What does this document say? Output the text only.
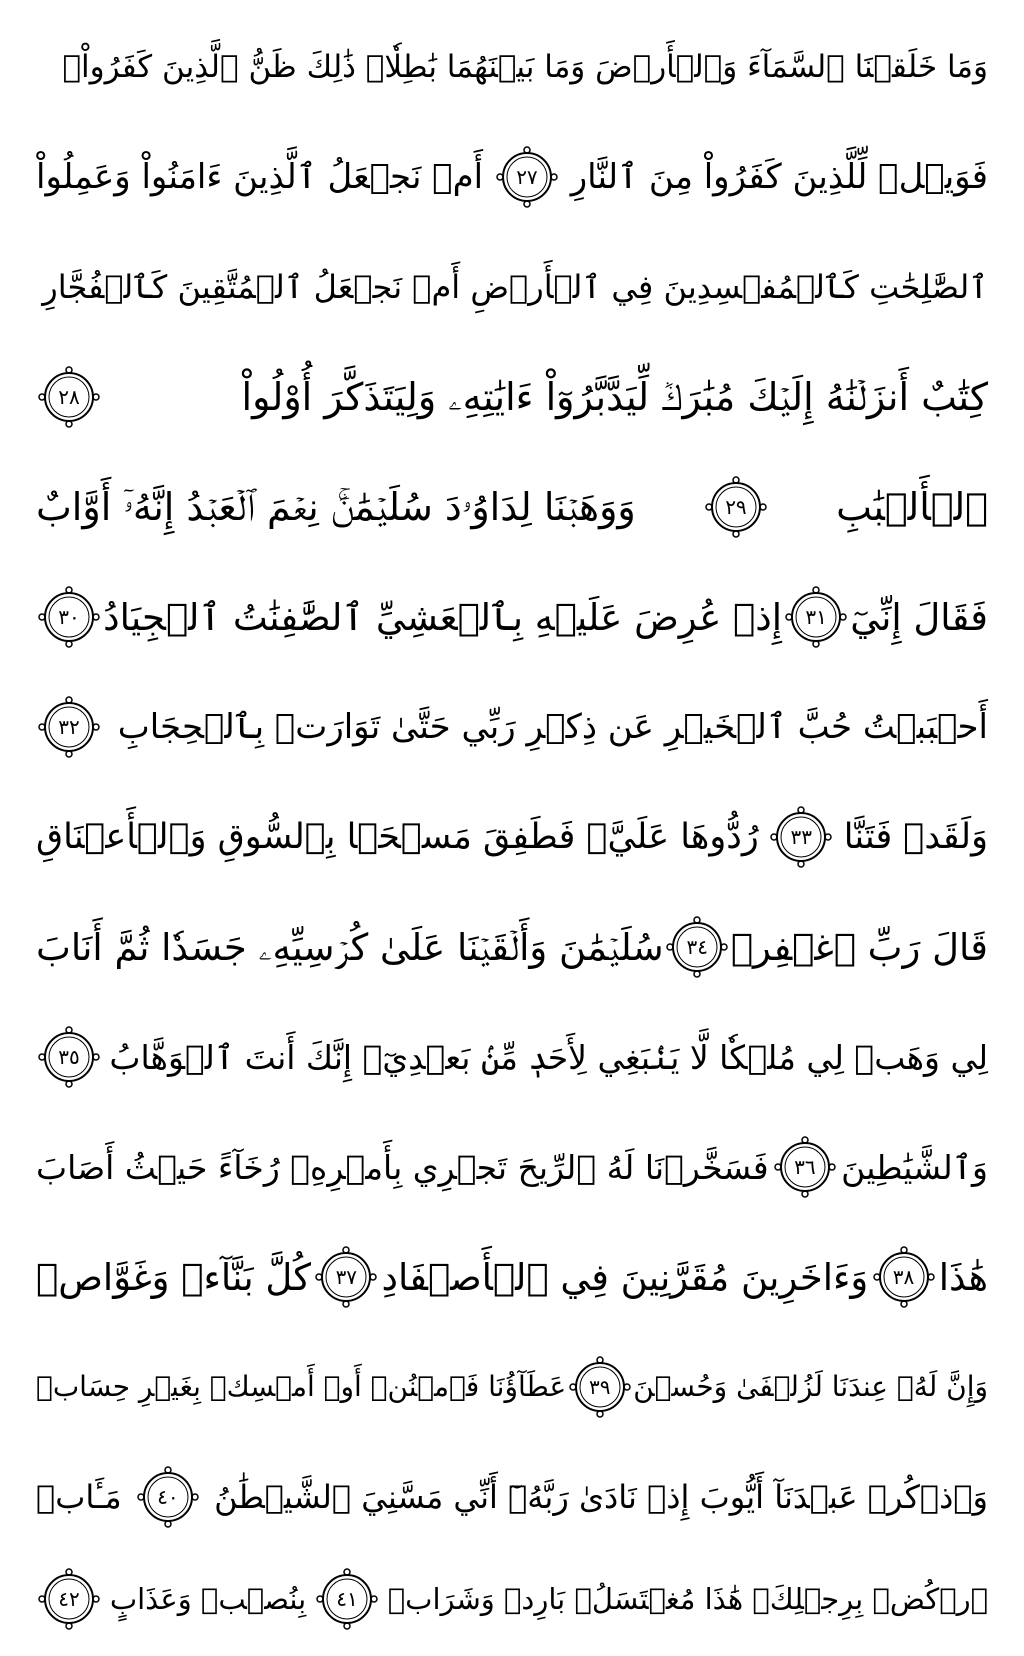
وَمَا خَلَقۡنَا ٱلسَّمَآءَ وَٱلۡأَرۡضَ وَمَا بَيۡنَهُمَا بَٰطِلٗاۚ ذَٰلِكَ ظَنُّ ٱلَّذِينَ كَفَرُواْۚ
فَوَيۡلٞ لِّلَّذِينَ كَفَرُواْ مِنَ ٱلنَّارِ
٢٧
أَمۡ نَجۡعَلُ ٱلَّذِينَ ءَامَنُواْ وَعَمِلُواْ
ٱلصَّٰلِحَٰتِ كَٱلۡمُفۡسِدِينَ فِي ٱلۡأَرۡضِ أَمۡ نَجۡعَلُ ٱلۡمُتَّقِينَ كَٱلۡفُجَّارِ
كِتَٰبٌ أَنزَلۡنَٰهُ إِلَيۡكَ مُبَٰرَكٞ لِّيَدَّبَّرُوٓاْ ءَايَٰتِهِۦ وَلِيَتَذَكَّرَ أُوْلُواْ
٢٨
ٱلۡأَلۡبَٰبِ
٢٩
وَوَهَبۡنَا لِدَاوُۥدَ سُلَيۡمَٰنَۚ نِعۡمَ ٱلۡعَبۡدُ إِنَّهُۥٓ أَوَّابٌ
فَقَالَ إِنِّيٓ
٣١
إِذۡ عُرِضَ عَلَيۡهِ بِٱلۡعَشِيِّ ٱلصَّٰفِنَٰتُ ٱلۡجِيَادُ
٣٠
أَحۡبَبۡتُ حُبَّ ٱلۡخَيۡرِ عَن ذِكۡرِ رَبِّي حَتَّىٰ تَوَارَتۡ بِٱلۡحِجَابِ
٣٢
وَلَقَدۡ فَتَنَّا
٣٣
رُدُّوهَا عَلَيَّۖ فَطَفِقَ مَسۡحَۢا بِٱلسُّوقِ وَٱلۡأَعۡنَاقِ
قَالَ رَبِّ ٱغۡفِرۡ
٣٤
سُلَيۡمَٰنَ وَأَلۡقَيۡنَا عَلَىٰ كُرۡسِيِّهِۦ جَسَدٗا ثُمَّ أَنَابَ
لِي وَهَبۡ لِي مُلۡكٗا لَّا يَنۢبَغِي لِأَحَدٖ مِّنۢ بَعۡدِيٓۖ إِنَّكَ أَنتَ ٱلۡوَهَّابُ
٣٥
وَٱلشَّيَٰطِينَ
٣٦
فَسَخَّرۡنَا لَهُ ٱلرِّيحَ تَجۡرِي بِأَمۡرِهِۦ رُخَآءً حَيۡثُ أَصَابَ
هَٰذَا
٣٨
وَءَاخَرِينَ مُقَرَّنِينَ فِي ٱلۡأَصۡفَادِ
٣٧
كُلَّ بَنَّآءٖ وَغَوَّاصٖ
وَإِنَّ لَهُۥ عِندَنَا لَزُلۡفَىٰ وَحُسۡنَ
٣٩
عَطَآؤُنَا فَٱمۡنُنۡ أَوۡ أَمۡسِكۡ بِغَيۡرِ حِسَابٖ
وَٱذۡكُرۡ عَبۡدَنَآ أَيُّوبَ إِذۡ نَادَىٰ رَبَّهُۥٓ أَنِّي مَسَّنِيَ ٱلشَّيۡطَٰنُ
٤٠
مَـَٔابٖ
ٱرۡكُضۡ بِرِجۡلِكَۖ هَٰذَا مُغۡتَسَلُۢ بَارِدٞ وَشَرَابٞ
٤١
بِنُصۡبٖ وَعَذَابٍ
٤٢
